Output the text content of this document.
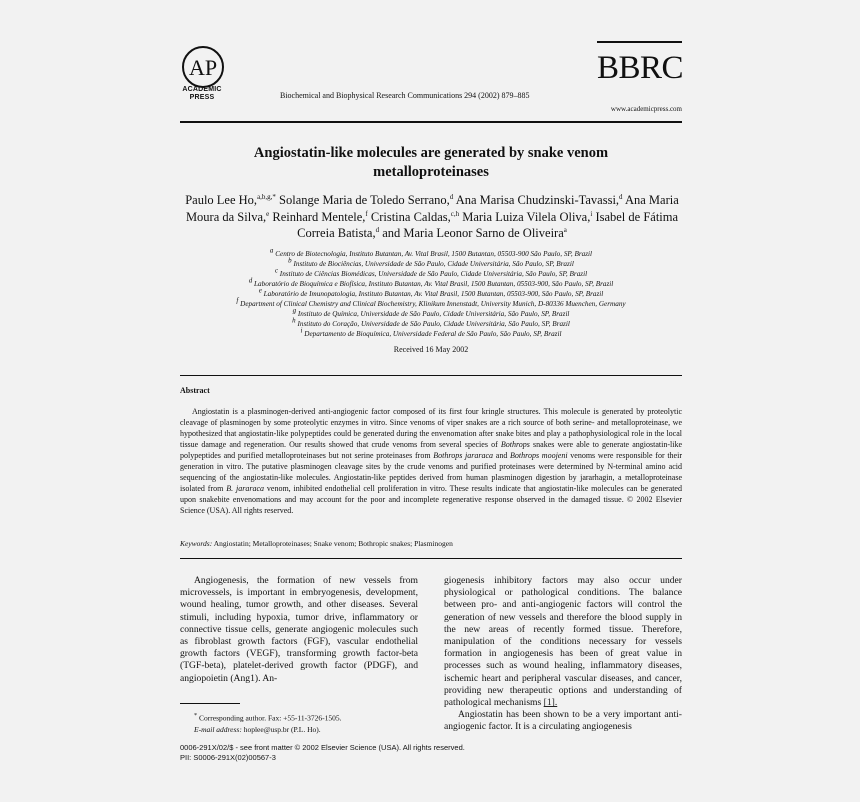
AP
ACADEMIC
PRESS	Biochemical and Biophysical Research Communications 294 (2002) 879–885
BBRC
www.academicpress.com
Angiostatin-like molecules are generated by snake venom
metalloproteinases
Paulo Lee Ho,$^{a,b,g,*}$ Solange Maria de Toledo Serrano,$^d$ Ana Marisa Chudzinski-Tavassi,$^d$ Ana Maria Moura da Silva,$^e$ Reinhard Mentele,$^f$ Cristina Caldas,$^{c,h}$ Maria Luiza Vilela Oliva,$^i$ Isabel de Fátima Correia Batista,$^d$ and Maria Leonor Sarno de Oliveira$^a$
$^a$ Centro de Biotecnologia, Instituto Butantan, Av. Vital Brasil, 1500 Butantan, 05503-900 São Paulo, SP, Brazil
$^b$ Instituto de Biociências, Universidade de São Paulo, Cidade Universitária, São Paulo, SP, Brazil
$^c$ Instituto de Ciências Biomédicas, Universidade de São Paulo, Cidade Universitária, São Paulo, SP, Brazil
$^d$ Laboratório de Bioquímica e Biofísica, Instituto Butantan, Av. Vital Brasil, 1500 Butantan, 05503-900, São Paulo, SP, Brazil
$^e$ Laboratório de Imunopatologia, Instituto Butantan, Av. Vital Brasil, 1500 Butantan, 05503-900, São Paulo, SP, Brazil
$^f$ Department of Clinical Chemistry and Clinical Biochemistry, Klinikum Innenstadt, University Munich, D-80336 Muenchen, Germany
$^g$ Instituto de Química, Universidade de São Paulo, Cidade Universitária, São Paulo, SP, Brazil
$^h$ Instituto do Coração, Universidade de São Paulo, Cidade Universitária, São Paulo, SP, Brazil
$^i$ Departamento de Bioquímica, Universidade Federal de São Paulo, São Paulo, SP, Brazil
Received 16 May 2002
Abstract

Angiostatin is a plasminogen-derived anti-angiogenic factor composed of its first four kringle structures. This molecule is generated by proteolytic cleavage of plasminogen by some proteolytic enzymes in vitro. Since venoms of viper snakes are a rich source of both serine- and metalloproteinase, we hypothesized that angiostatin-like polypeptides could be generated during the envenomation after snake bites and play a pathophysiological role in the local tissue damage and regeneration. Our results showed that crude venoms from several species of Bothrops snakes were able to generate angiostatin-like polypeptides and purified metalloproteinases but not serine proteinases from Bothrops jararaca and Bothrops moojeni venoms were responsible for their generation in vitro. The putative plasminogen cleavage sites by the crude venoms and purified proteinases were determined by N-terminal amino acid sequencing of the angiostatin-like molecules. Angiostatin-like peptides derived from human plasminogen digestion by jararhagin, a metalloproteinase isolated from B. jararaca venom, inhibited endothelial cell proliferation in vitro. These results indicate that angiostatin-like molecules can be generated upon snakebite envenomations and may account for the poor and incomplete regenerative response observed in the damaged tissue. © 2002 Elsevier Science (USA). All rights reserved.

Keywords: Angiostatin; Metalloproteinases; Snake venom; Bothropic snakes; Plasminogen

Angiogenesis, the formation of new vessels from microvessels, is important in embryogenesis, development, wound healing, tumor growth, and other diseases. Several stimuli, including hypoxia, tumor drive, inflammatory or connective tissue cells, generate angiogenic molecules such as fibroblast growth factors (FGF), vascular endothelial growth factors (VEGF), transforming growth factor-beta (TGF-beta), platelet-derived growth factor (PDGF), and angiopoietin (Ang1). An-

giogenesis inhibitory factors may also occur under physiological or pathological conditions. The balance between pro- and anti-angiogenic factors will control the generation of new vessels and therefore the blood supply in the new areas of recently formed tissue. Therefore, manipulation of the conditions necessary for vessels formation in angiogenesis has been of great value in processes such as wound healing, inflammatory diseases, ischemic heart and peripheral vascular diseases, and cancer, providing new therapeutic options and understanding of pathological mechanisms [1].

Angiostatin has been shown to be a very important anti-angiogenic factor. It is a circulating angiogenesis

* Corresponding author. Fax: +55-11-3726-1505.
E-mail address: hoplee@usp.br (P.L. Ho).
0006-291X/02/$ - see front matter © 2002 Elsevier Science (USA). All rights reserved.
PII: S0006-291X(02)00567-3
